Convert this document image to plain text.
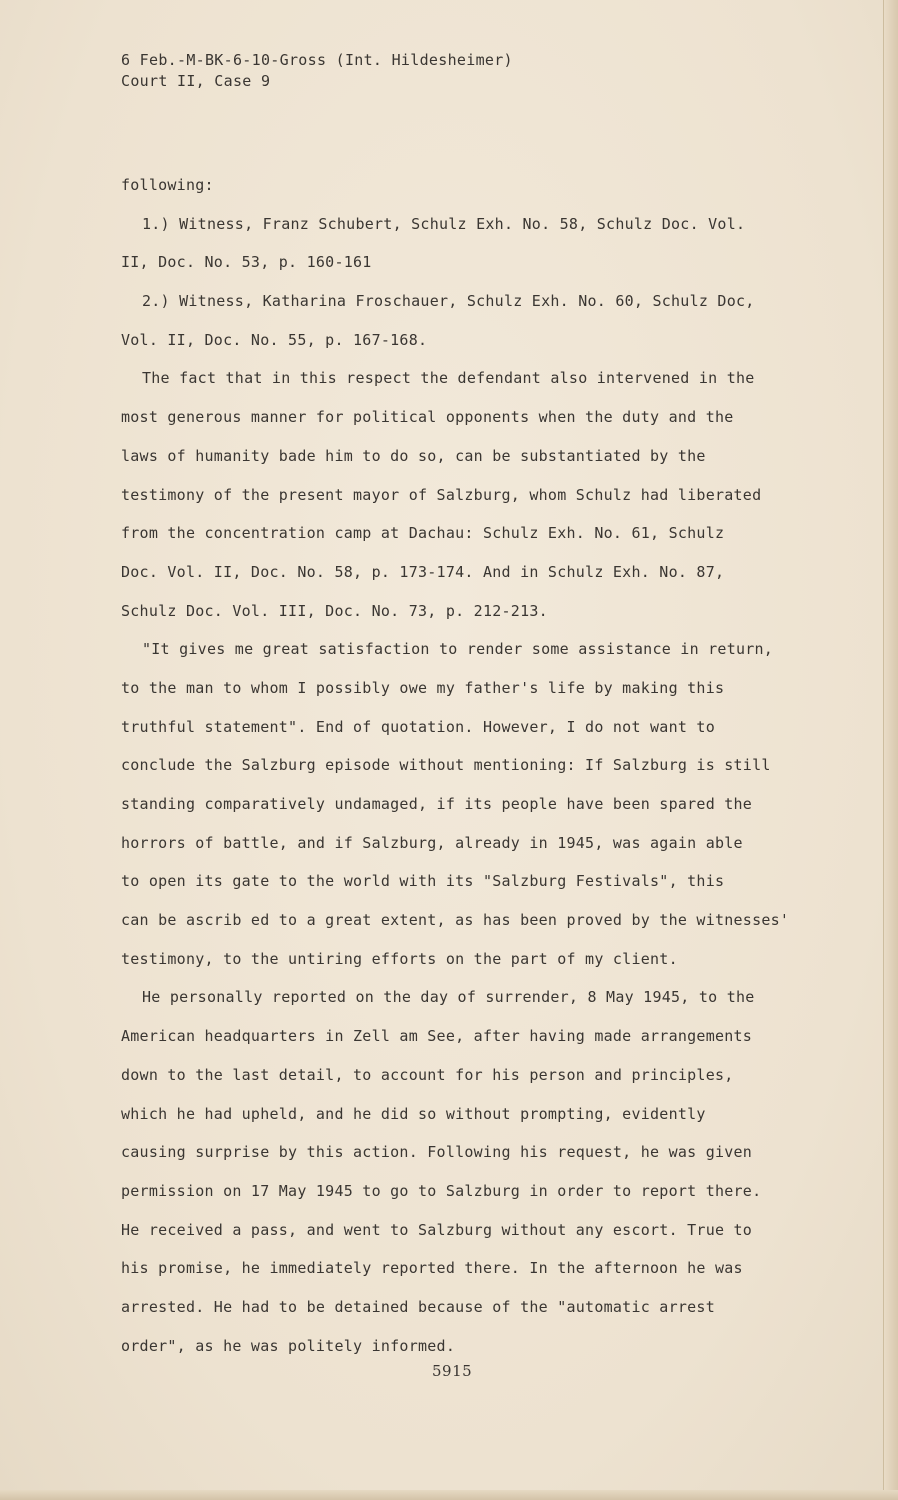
6 Feb.-M-BK-6-10-Gross (Int. Hildesheimer)
Court II, Case 9
following:
1.) Witness, Franz Schubert, Schulz Exh. No. 58, Schulz Doc. Vol.
II, Doc. No. 53, p. 160-161
2.) Witness, Katharina Froschauer, Schulz Exh. No. 60, Schulz Doc,
Vol. II, Doc. No. 55, p. 167-168.
The fact that in this respect the defendant also intervened in the
most generous manner for political opponents when the duty and the
laws of humanity bade him to do so, can be substantiated by the
testimony of the present mayor of Salzburg, whom Schulz had liberated
from the concentration camp at Dachau: Schulz Exh. No. 61, Schulz
Doc. Vol. II, Doc. No. 58, p. 173-174. And in Schulz Exh. No. 87,
Schulz Doc. Vol. III, Doc. No. 73, p. 212-213.
"It gives me great satisfaction to render some assistance in return,
to the man to whom I possibly owe my father's life by making this
truthful statement". End of quotation. However, I do not want to
conclude the Salzburg episode without mentioning: If Salzburg is still
standing comparatively undamaged, if its people have been spared the
horrors of battle, and if Salzburg, already in 1945, was again able
to open its gate to the world with its "Salzburg Festivals", this
can be ascrib ed to a great extent, as has been proved by the witnesses'
testimony, to the untiring efforts on the part of my client.
He personally reported on the day of surrender, 8 May 1945, to the
American headquarters in Zell am See, after having made arrangements
down to the last detail, to account for his person and principles,
which he had upheld, and he did so without prompting, evidently
causing surprise by this action. Following his request, he was given
permission on 17 May 1945 to go to Salzburg in order to report there.
He received a pass, and went to Salzburg without any escort. True to
his promise, he immediately reported there. In the afternoon he was
arrested. He had to be detained because of the "automatic arrest
order", as he was politely informed.
5915
